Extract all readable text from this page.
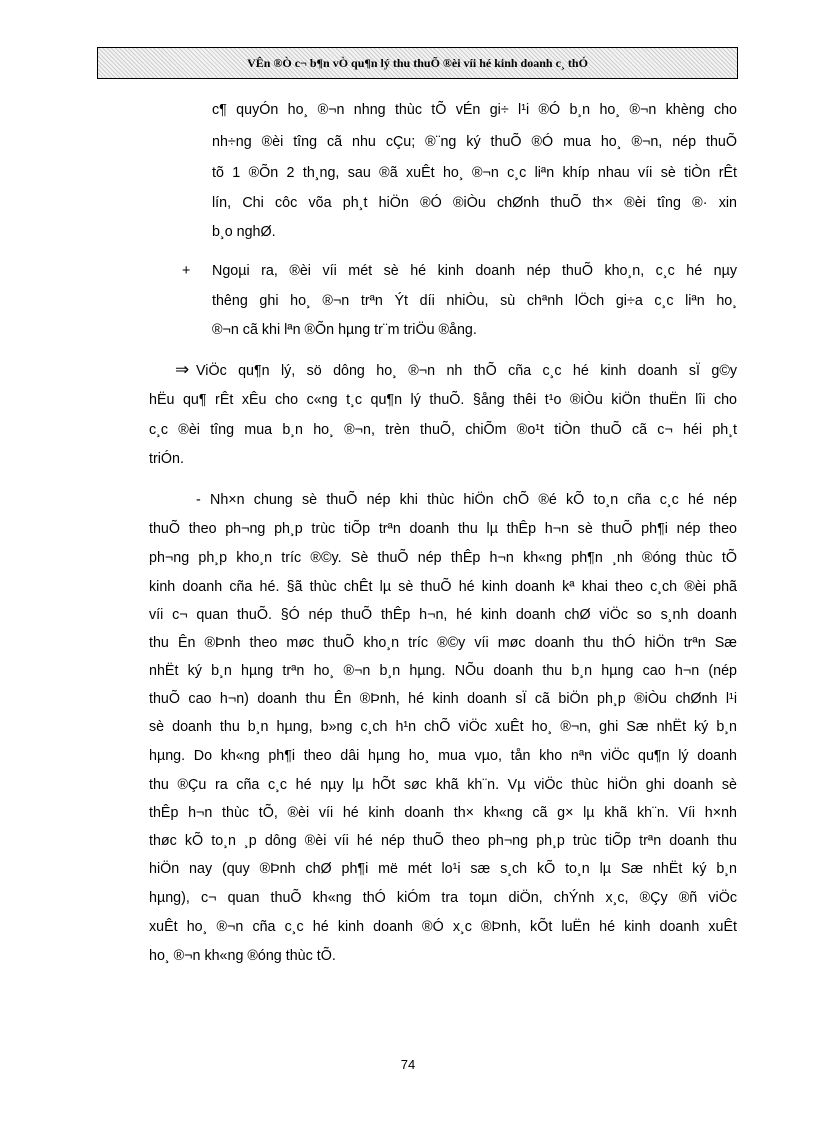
VÊn ®Ò c¬ b¶n vÒ qu¶n lý thu thuÕ ®èi víi hé kinh doanh c¸ thÓ
c¶ quyÓn ho¸ ®¬n nhng thùc tÕ vÉn gi÷ l¹i ®Ó b¸n ho¸ ®¬n khèng cho
nh÷ng ®èi tîng cã nhu cÇu; ®¨ng ký thuÕ ®Ó mua ho¸ ®¬n, nép thuÕ
tõ 1 ®Õn 2 th¸ng, sau ®ã xuÊt ho¸ ®¬n c¸c liªn khíp nhau víi sè tiÒn rÊt
lín, Chi côc võa ph¸t hiÖn ®Ó ®iÒu chØnh thuÕ th× ®èi tîng ®· xin
b¸o nghØ.
+ Ngoµi ra, ®èi víi mét sè hé kinh doanh nép thuÕ kho¸n, c¸c hé nµy
thêng ghi ho¸ ®¬n trªn Ýt díi nhiÒu, sù chªnh lÖch gi÷a c¸c liªn ho¸
®¬n cã khi lªn ®Õn hµng tr¨m triÖu ®ång.
⇒ ViÖc qu¶n lý, sö dông ho¸ ®¬n nh thÕ cña c¸c hé kinh doanh sÏ g©y
hËu qu¶ rÊt xÊu cho c«ng t¸c qu¶n lý thuÕ. §ång thêi t¹o ®iÒu kiÖn thuËn lîi cho
c¸c ®èi tîng mua b¸n ho¸ ®¬n, trèn thuÕ, chiÕm ®o¹t tiÒn thuÕ cã c¬ héi ph¸t
triÓn.
- Nh×n chung sè thuÕ nép khi thùc hiÖn chÕ ®é kÕ to¸n cña c¸c hé nép
thuÕ theo ph¬ng ph¸p trùc tiÕp trªn doanh thu lµ thÊp h¬n sè thuÕ ph¶i nép theo
ph¬ng ph¸p kho¸n tríc ®©y. Sè thuÕ nép thÊp h¬n kh«ng ph¶n ¸nh ®óng thùc tÕ
kinh doanh cña hé. §ã thùc chÊt lµ sè thuÕ hé kinh doanh kª khai theo c¸ch ®èi phã
víi c¬ quan thuÕ. §Ó nép thuÕ thÊp h¬n, hé kinh doanh chØ viÖc so s¸nh doanh
thu Ên ®Þnh theo møc thuÕ kho¸n tríc ®©y víi møc doanh thu thÓ hiÖn trªn Sæ
nhËt ký b¸n hµng trªn ho¸ ®¬n b¸n hµng. NÕu doanh thu b¸n hµng cao h¬n (nép
thuÕ cao h¬n) doanh thu Ên ®Þnh, hé kinh doanh sÏ cã biÖn ph¸p ®iÒu chØnh l¹i
sè doanh thu b¸n hµng, b»ng c¸ch h¹n chÕ viÖc xuÊt ho¸ ®¬n, ghi Sæ nhËt ký b¸n
hµng. Do kh«ng ph¶i theo dâi hµng ho¸ mua vµo, tån kho nªn viÖc qu¶n lý doanh
thu ®Çu ra cña c¸c hé nµy lµ hÕt søc khã kh¨n. Vµ viÖc thùc hiÖn ghi doanh sè
thÊp h¬n thùc tÕ, ®èi víi hé kinh doanh th× kh«ng cã g× lµ khã kh¨n. Víi h×nh
thøc kÕ to¸n ¸p dông ®èi víi hé nép thuÕ theo ph¬ng ph¸p trùc tiÕp trªn doanh thu
hiÖn nay (quy ®Þnh chØ ph¶i më mét lo¹i sæ s¸ch kÕ to¸n lµ Sæ nhËt ký b¸n
hµng), c¬ quan thuÕ kh«ng thÓ kiÓm tra toµn diÖn, chÝnh x¸c, ®Çy ®ñ viÖc
xuÊt ho¸ ®¬n cña c¸c hé kinh doanh ®Ó x¸c ®Þnh, kÕt luËn hé kinh doanh xuÊt
ho¸ ®¬n kh«ng ®óng thùc tÕ.
74
